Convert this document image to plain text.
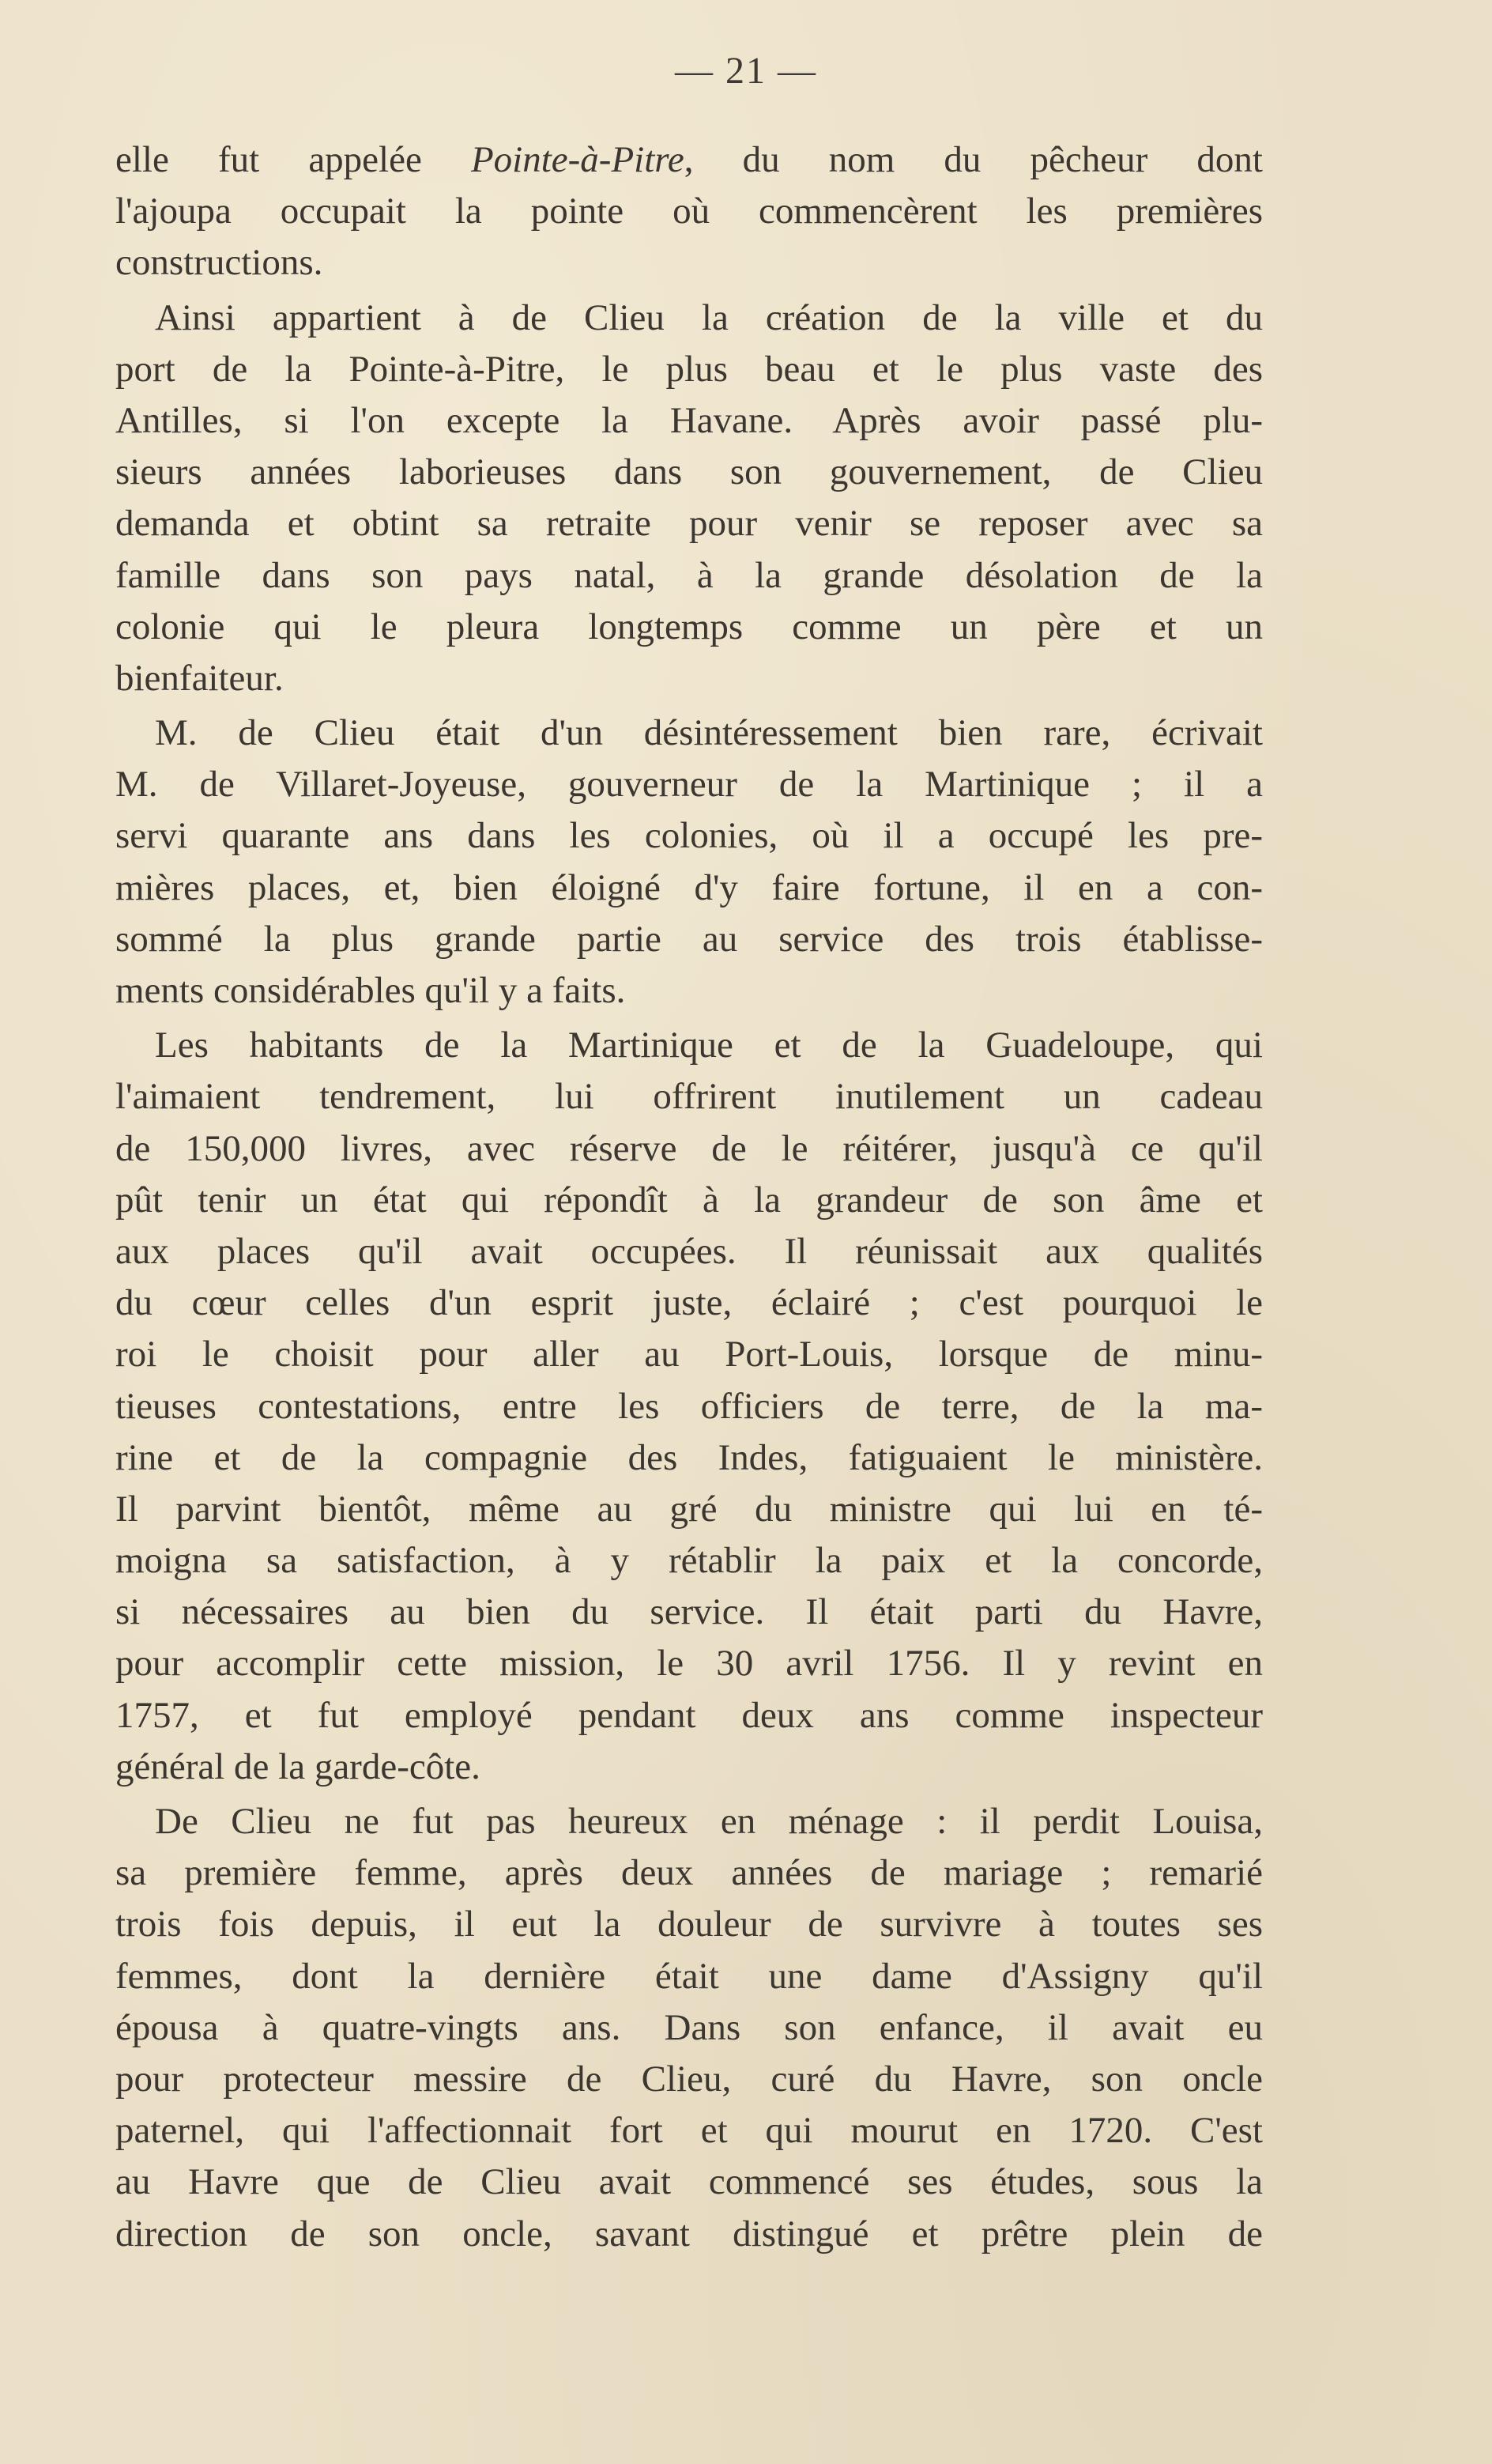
— 21 —
elle fut appelée Pointe-à-Pitre, du nom du pêcheur dont
l'ajoupa occupait la pointe où commencèrent les premières
constructions.
Ainsi appartient à de Clieu la création de la ville et du
port de la Pointe-à-Pitre, le plus beau et le plus vaste des
Antilles, si l'on excepte la Havane. Après avoir passé plu-
sieurs années laborieuses dans son gouvernement, de Clieu
demanda et obtint sa retraite pour venir se reposer avec sa
famille dans son pays natal, à la grande désolation de la
colonie qui le pleura longtemps comme un père et un
bienfaiteur.
M. de Clieu était d'un désintéressement bien rare, écrivait
M. de Villaret-Joyeuse, gouverneur de la Martinique ; il a
servi quarante ans dans les colonies, où il a occupé les pre-
mières places, et, bien éloigné d'y faire fortune, il en a con-
sommé la plus grande partie au service des trois établisse-
ments considérables qu'il y a faits.
Les habitants de la Martinique et de la Guadeloupe, qui
l'aimaient tendrement, lui offrirent inutilement un cadeau
de 150,000 livres, avec réserve de le réitérer, jusqu'à ce qu'il
pût tenir un état qui répondît à la grandeur de son âme et
aux places qu'il avait occupées. Il réunissait aux qualités
du cœur celles d'un esprit juste, éclairé ; c'est pourquoi le
roi le choisit pour aller au Port-Louis, lorsque de minu-
tieuses contestations, entre les officiers de terre, de la ma-
rine et de la compagnie des Indes, fatiguaient le ministère.
Il parvint bientôt, même au gré du ministre qui lui en té-
moigna sa satisfaction, à y rétablir la paix et la concorde,
si nécessaires au bien du service. Il était parti du Havre,
pour accomplir cette mission, le 30 avril 1756. Il y revint en
1757, et fut employé pendant deux ans comme inspecteur
général de la garde-côte.
De Clieu ne fut pas heureux en ménage : il perdit Louisa,
sa première femme, après deux années de mariage ; remarié
trois fois depuis, il eut la douleur de survivre à toutes ses
femmes, dont la dernière était une dame d'Assigny qu'il
épousa à quatre-vingts ans. Dans son enfance, il avait eu
pour protecteur messire de Clieu, curé du Havre, son oncle
paternel, qui l'affectionnait fort et qui mourut en 1720. C'est
au Havre que de Clieu avait commencé ses études, sous la
direction de son oncle, savant distingué et prêtre plein de
